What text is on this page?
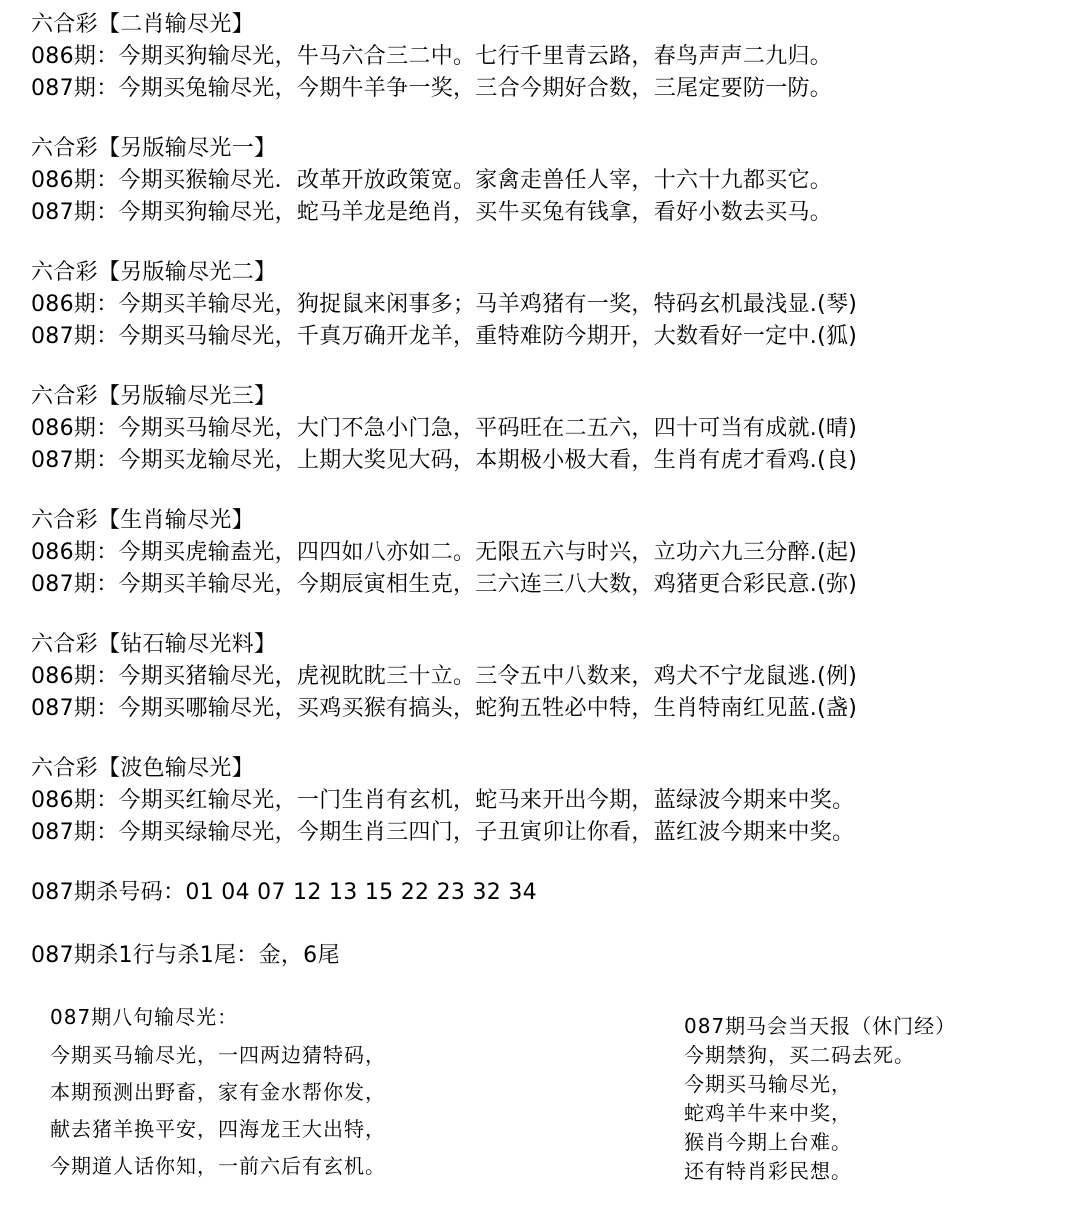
六合彩【二肖输尽光】
086期：今期买狗输尽光，牛马六合三二中。七行千里青云路，春鸟声声二九归。
087期：今期买兔输尽光，今期牛羊争一奖，三合今期好合数，三尾定要防一防。
六合彩【另版输尽光一】
086期：今期买猴输尽光．改革开放政策宽。家禽走兽任人宰，十六十九都买它。
087期：今期买狗输尽光，蛇马羊龙是绝肖，买牛买兔有钱拿，看好小数去买马。
六合彩【另版输尽光二】
086期：今期买羊输尽光，狗捉鼠来闲事多；马羊鸡猪有一奖，特码玄机最浅显.(琴)
087期：今期买马输尽光，千真万确开龙羊，重特难防今期开，大数看好一定中.(狐)
六合彩【另版输尽光三】
086期：今期买马输尽光，大门不急小门急，平码旺在二五六，四十可当有成就.(晴)
087期：今期买龙输尽光，上期大奖见大码，本期极小极大看，生肖有虎才看鸡.(良)
六合彩【生肖输尽光】
086期：今期买虎输盍光，四四如八亦如二。无限五六与时兴，立功六九三分醉.(起)
087期：今期买羊输尽光，今期辰寅相生克，三六连三八大数，鸡猪更合彩民意.(弥)
六合彩【钻石输尽光料】
086期：今期买猪输尽光，虎视眈眈三十立。三令五中八数来，鸡犬不宁龙鼠逃.(例)
087期：今期买哪输尽光，买鸡买猴有搞头，蛇狗五牲必中特，生肖特南红见蓝.(盏)
六合彩【波色输尽光】
086期：今期买红输尽光，一门生肖有玄机，蛇马来开出今期，蓝绿波今期来中奖。
087期：今期买绿输尽光，今期生肖三四门，子丑寅卯让你看，蓝红波今期来中奖。
087期杀号码：01 04 07 12 13 15 22 23 32 34
087期杀1行与杀1尾：金，6尾
087期八句输尽光：
今期买马输尽光，一四两边猜特码，
本期预测出野畜，家有金水帮你发，
献去猪羊换平安，四海龙王大出特，
今期道人话你知，一前六后有玄机。
087期马会当天报（休门经）
今期禁狗，买二码去死。
今期买马输尽光，
蛇鸡羊牛来中奖，
猴肖今期上台难。
还有特肖彩民想。
